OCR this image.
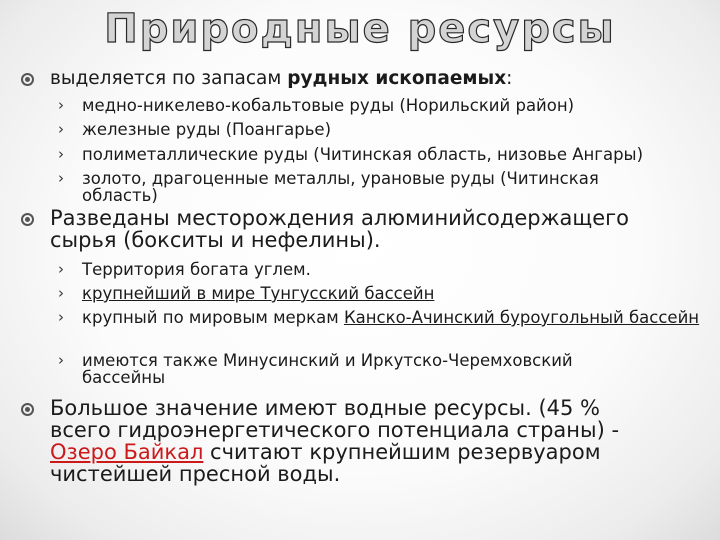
Природные ресурсы
выделяется по запасам рудных ископаемых:
› медно-никелево-кобальтовые руды (Норильский район)
› железные руды (Поангарье)
› полиметаллические руды (Читинская область, низовье Ангары)
› золото, драгоценные металлы, урановые руды (Читинская область)
Разведаны месторождения алюминийсодержащего сырья (бокситы и нефелины).
› Территория богата углем.
› крупнейший в мире Тунгусский бассейн
› крупный по мировым меркам Канско-Ачинский буроугольный бассейн
› имеются также Минусинский и Иркутско-Черемховский бассейны
Большое значение имеют водные ресурсы. (45 % всего гидроэнергетического потенциала страны) - Озеро Байкал считают крупнейшим резервуаром чистейшей пресной воды.
